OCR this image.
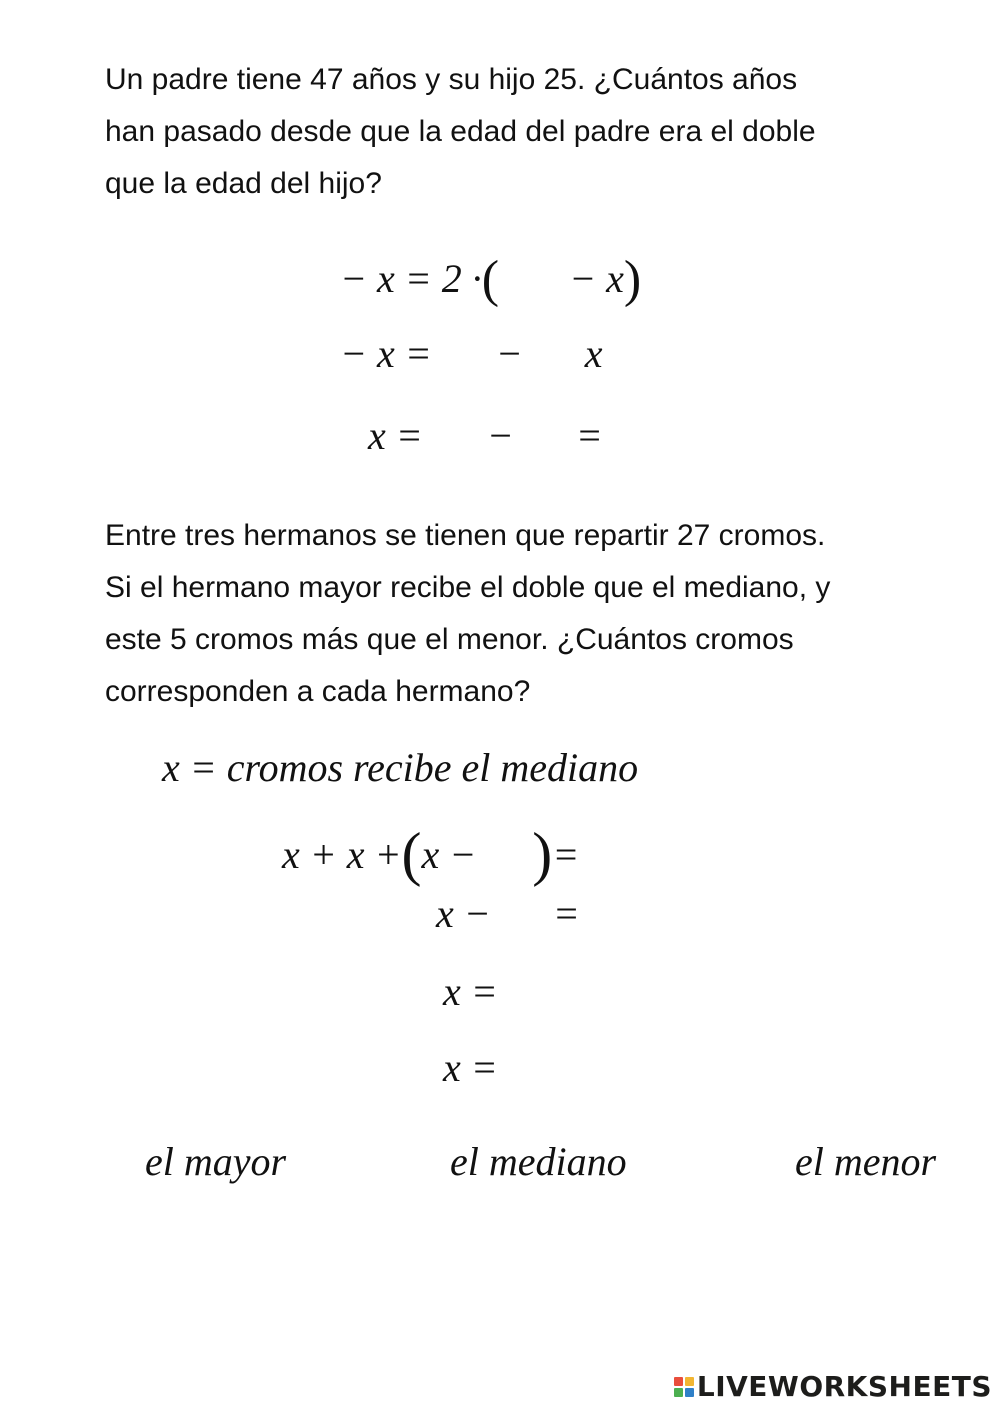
Un padre tiene 47 años y su hijo 25. ¿Cuántos años
han pasado desde que la edad del padre era el doble
que la edad del hijo?

− x = 2 ·( − x)
− x = − x
x = − =

Entre tres hermanos se tienen que repartir 27 cromos.
Si el hermano mayor recibe el doble que el mediano, y
este 5 cromos más que el menor. ¿Cuántos cromos
corresponden a cada hermano?

x = cromos recibe el mediano
x + x +(x − )=
x − =
x =
x =
el mayor	el mediano	el menor
LIVEWORKSHEETS
